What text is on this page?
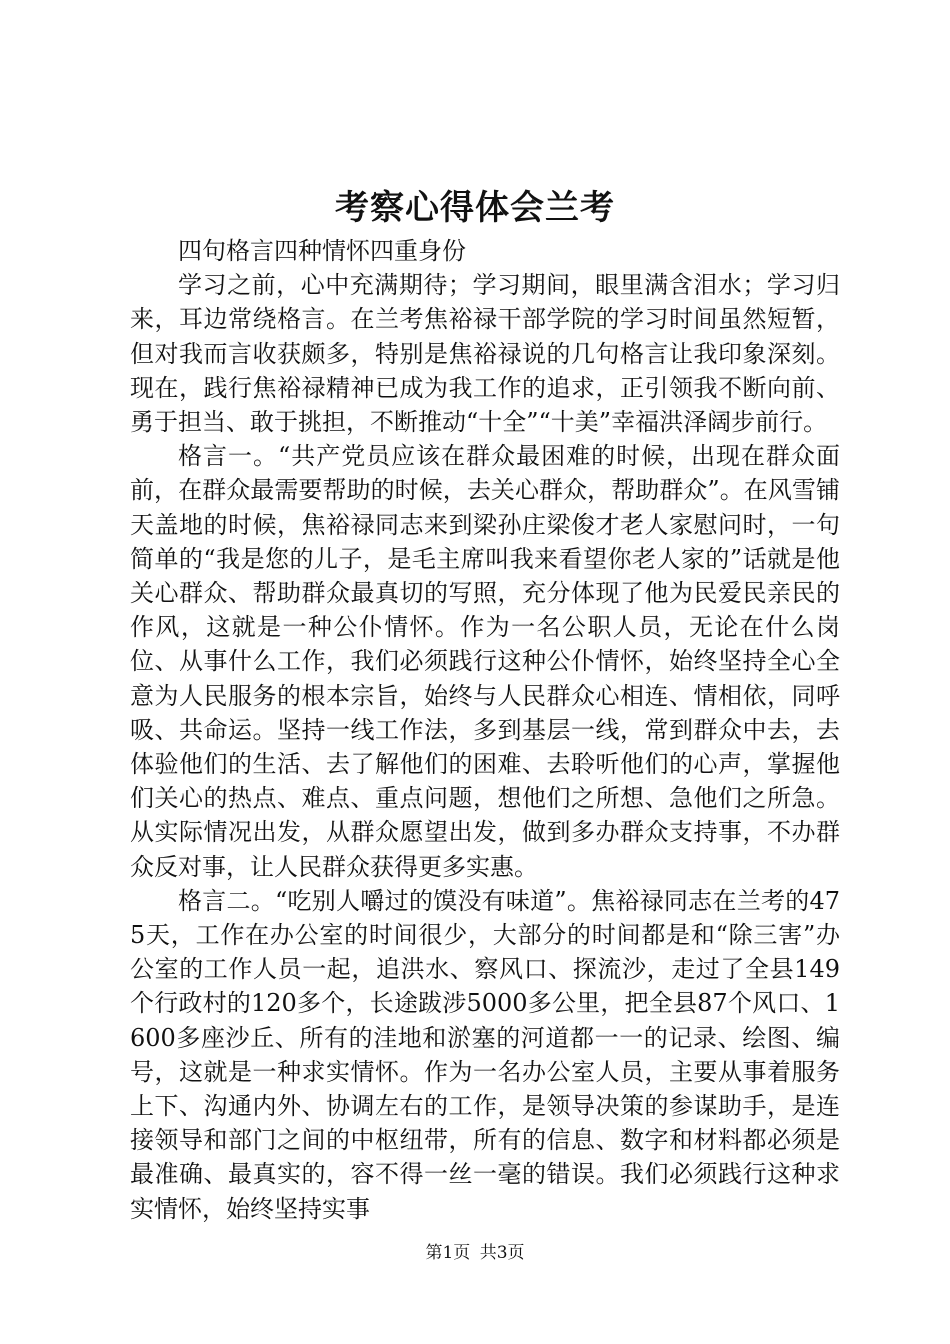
考察心得体会兰考

四句格言四种情怀四重身份

学习之前，心中充满期待；学习期间，眼里满含泪水；学习归来，耳边常绕格言。在兰考焦裕禄干部学院的学习时间虽然短暂，但对我而言收获颇多，特别是焦裕禄说的几句格言让我印象深刻。现在，践行焦裕禄精神已成为我工作的追求，正引领我不断向前、勇于担当、敢于挑担，不断推动“十全”“十美”幸福洪泽阔步前行。

格言一。“共产党员应该在群众最困难的时候，出现在群众面前，在群众最需要帮助的时候，去关心群众，帮助群众”。在风雪铺天盖地的时候，焦裕禄同志来到梁孙庄梁俊才老人家慰问时，一句简单的“我是您的儿子，是毛主席叫我来看望你老人家的”话就是他关心群众、帮助群众最真切的写照，充分体现了他为民爱民亲民的作风，这就是一种公仆情怀。作为一名公职人员，无论在什么岗位、从事什么工作，我们必须践行这种公仆情怀，始终坚持全心全意为人民服务的根本宗旨，始终与人民群众心相连、情相依，同呼吸、共命运。坚持一线工作法，多到基层一线，常到群众中去，去体验他们的生活、去了解他们的困难、去聆听他们的心声，掌握他们关心的热点、难点、重点问题，想他们之所想、急他们之所急。从实际情况出发，从群众愿望出发，做到多办群众支持事，不办群众反对事，让人民群众获得更多实惠。

格言二。“吃别人嚼过的馍没有味道”。焦裕禄同志在兰考的475天，工作在办公室的时间很少，大部分的时间都是和“除三害”办公室的工作人员一起，追洪水、察风口、探流沙，走过了全县149个行政村的120多个，长途跋涉5000多公里，把全县87个风口、1600多座沙丘、所有的洼地和淤塞的河道都一一的记录、绘图、编号，这就是一种求实情怀。作为一名办公室人员，主要从事着服务上下、沟通内外、协调左右的工作，是领导决策的参谋助手，是连接领导和部门之间的中枢纽带，所有的信息、数字和材料都必须是最准确、最真实的，容不得一丝一毫的错误。我们必须践行这种求实情怀，始终坚持实事

第1页 共3页
